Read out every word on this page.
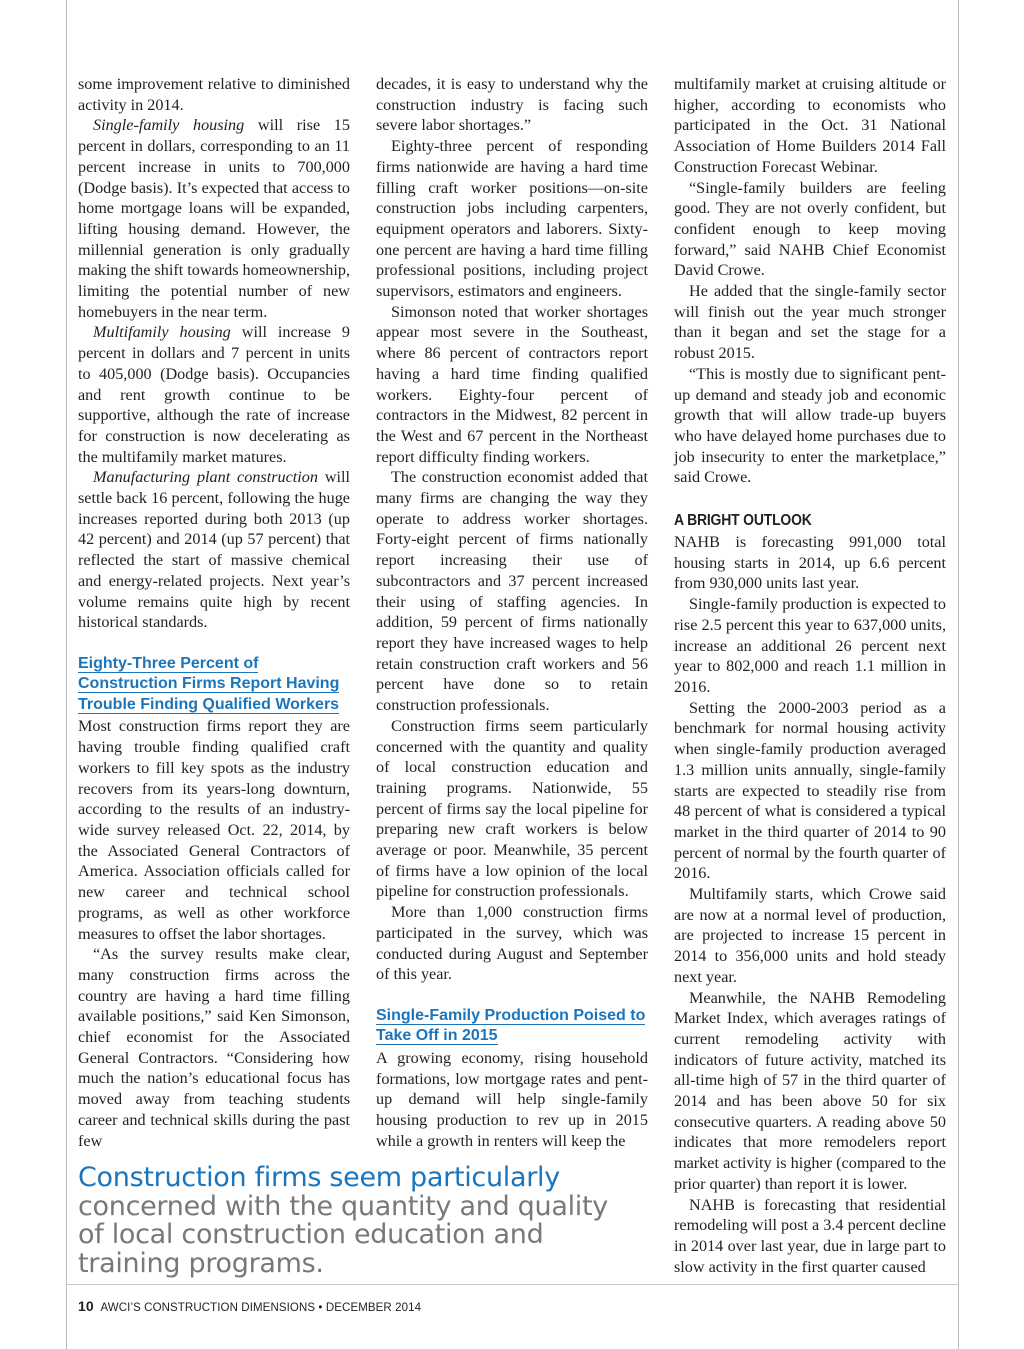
some improvement relative to diminished activity in 2014.

Single-family housing will rise 15 percent in dollars, corresponding to an 11 percent increase in units to 700,000 (Dodge basis). It’s expected that access to home mortgage loans will be expanded, lifting housing demand. However, the millennial generation is only gradually making the shift towards homeownership, limiting the potential number of new homebuyers in the near term.

Multifamily housing will increase 9 percent in dollars and 7 percent in units to 405,000 (Dodge basis). Occupancies and rent growth continue to be supportive, although the rate of increase for construction is now decelerating as the multifamily market matures.

Manufacturing plant construction will settle back 16 percent, following the huge increases reported during both 2013 (up 42 percent) and 2014 (up 57 percent) that reflected the start of massive chemical and energy-related projects. Next year’s volume remains quite high by recent historical standards.

Eighty-Three Percent of Construction Firms Report Having Trouble Finding Qualified Workers

Most construction firms report they are having trouble finding qualified craft workers to fill key spots as the industry recovers from its years-long downturn, according to the results of an industry-wide survey released Oct. 22, 2014, by the Associated General Contractors of America. Association officials called for new career and technical school programs, as well as other workforce measures to offset the labor shortages.

“As the survey results make clear, many construction firms across the country are having a hard time filling available positions,” said Ken Simonson, chief economist for the Associated General Contractors. “Considering how much the nation’s educational focus has moved away from teaching students career and technical skills during the past few

decades, it is easy to understand why the construction industry is facing such severe labor shortages.”

Eighty-three percent of responding firms nationwide are having a hard time filling craft worker positions—on-site construction jobs including carpenters, equipment operators and laborers. Sixty-one percent are having a hard time filling professional positions, including project supervisors, estimators and engineers.

Simonson noted that worker shortages appear most severe in the Southeast, where 86 percent of contractors report having a hard time finding qualified workers. Eighty-four percent of contractors in the Midwest, 82 percent in the West and 67 percent in the Northeast report difficulty finding workers.

The construction economist added that many firms are changing the way they operate to address worker shortages. Forty-eight percent of firms nationally report increasing their use of subcontractors and 37 percent increased their using of staffing agencies. In addition, 59 percent of firms nationally report they have increased wages to help retain construction craft workers and 56 percent have done so to retain construction professionals.

Construction firms seem particularly concerned with the quantity and quality of local construction education and training programs. Nationwide, 55 percent of firms say the local pipeline for preparing new craft workers is below average or poor. Meanwhile, 35 percent of firms have a low opinion of the local pipeline for construction professionals.

More than 1,000 construction firms participated in the survey, which was conducted during August and September of this year.

Single-Family Production Poised to Take Off in 2015

A growing economy, rising household formations, low mortgage rates and pent-up demand will help single-family housing production to rev up in 2015 while a growth in renters will keep the

multifamily market at cruising altitude or higher, according to economists who participated in the Oct. 31 National Association of Home Builders 2014 Fall Construction Forecast Webinar.

“Single-family builders are feeling good. They are not overly confident, but confident enough to keep moving forward,” said NAHB Chief Economist David Crowe.

He added that the single-family sector will finish out the year much stronger than it began and set the stage for a robust 2015.

“This is mostly due to significant pent-up demand and steady job and economic growth that will allow trade-up buyers who have delayed home purchases due to job insecurity to enter the marketplace,” said Crowe.

A BRIGHT OUTLOOK

NAHB is forecasting 991,000 total housing starts in 2014, up 6.6 percent from 930,000 units last year.

Single-family production is expected to rise 2.5 percent this year to 637,000 units, increase an additional 26 percent next year to 802,000 and reach 1.1 million in 2016.

Setting the 2000-2003 period as a benchmark for normal housing activity when single-family production averaged 1.3 million units annually, single-family starts are expected to steadily rise from 48 percent of what is considered a typical market in the third quarter of 2014 to 90 percent of normal by the fourth quarter of 2016.

Multifamily starts, which Crowe said are now at a normal level of production, are projected to increase 15 percent in 2014 to 356,000 units and hold steady next year.

Meanwhile, the NAHB Remodeling Market Index, which averages ratings of current remodeling activity with indicators of future activity, matched its all-time high of 57 in the third quarter of 2014 and has been above 50 for six consecutive quarters. A reading above 50 indicates that more remodelers report market activity is higher (compared to the prior quarter) than report it is lower.

NAHB is forecasting that residential remodeling will post a 3.4 percent decline in 2014 over last year, due in large part to slow activity in the first quarter caused

Construction firms seem particularly
concerned with the quantity and quality of local construction education and training programs.
10 AWCI’S CONSTRUCTION DIMENSIONS • DECEMBER 2014
